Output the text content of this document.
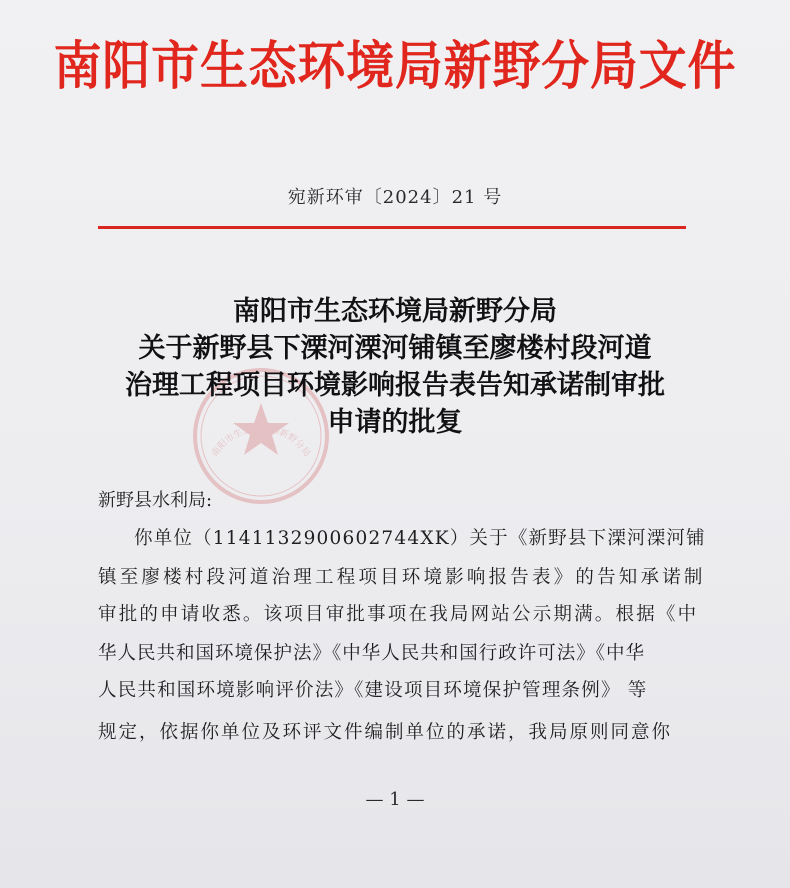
南阳市生态环境局新野分局文件
宛新环审〔2024〕21 号
南阳市生态环境局新野分局
南阳市生态环境局新野分局
关于新野县下溧河溧河铺镇至廖楼村段河道
治理工程项目环境影响报告表告知承诺制审批
申请的批复
新野县水利局:
你单位（114113290060274​4XK）关于《新野县下溧河溧河铺
镇至廖楼村段河道治理工程项目环境影响报告表》的告知承诺制
审批的申请收悉。该项目审批事项在我局网站公示期满。根据《中
华人民共和国环境保护法》《中华人民共和国行政许可法》《中华
人民共和国环境影响评价法》《建设项目环境保护管理条例》 等
规定，依据你单位及环评文件编制单位的承诺，我局原则同意你
— 1 —
